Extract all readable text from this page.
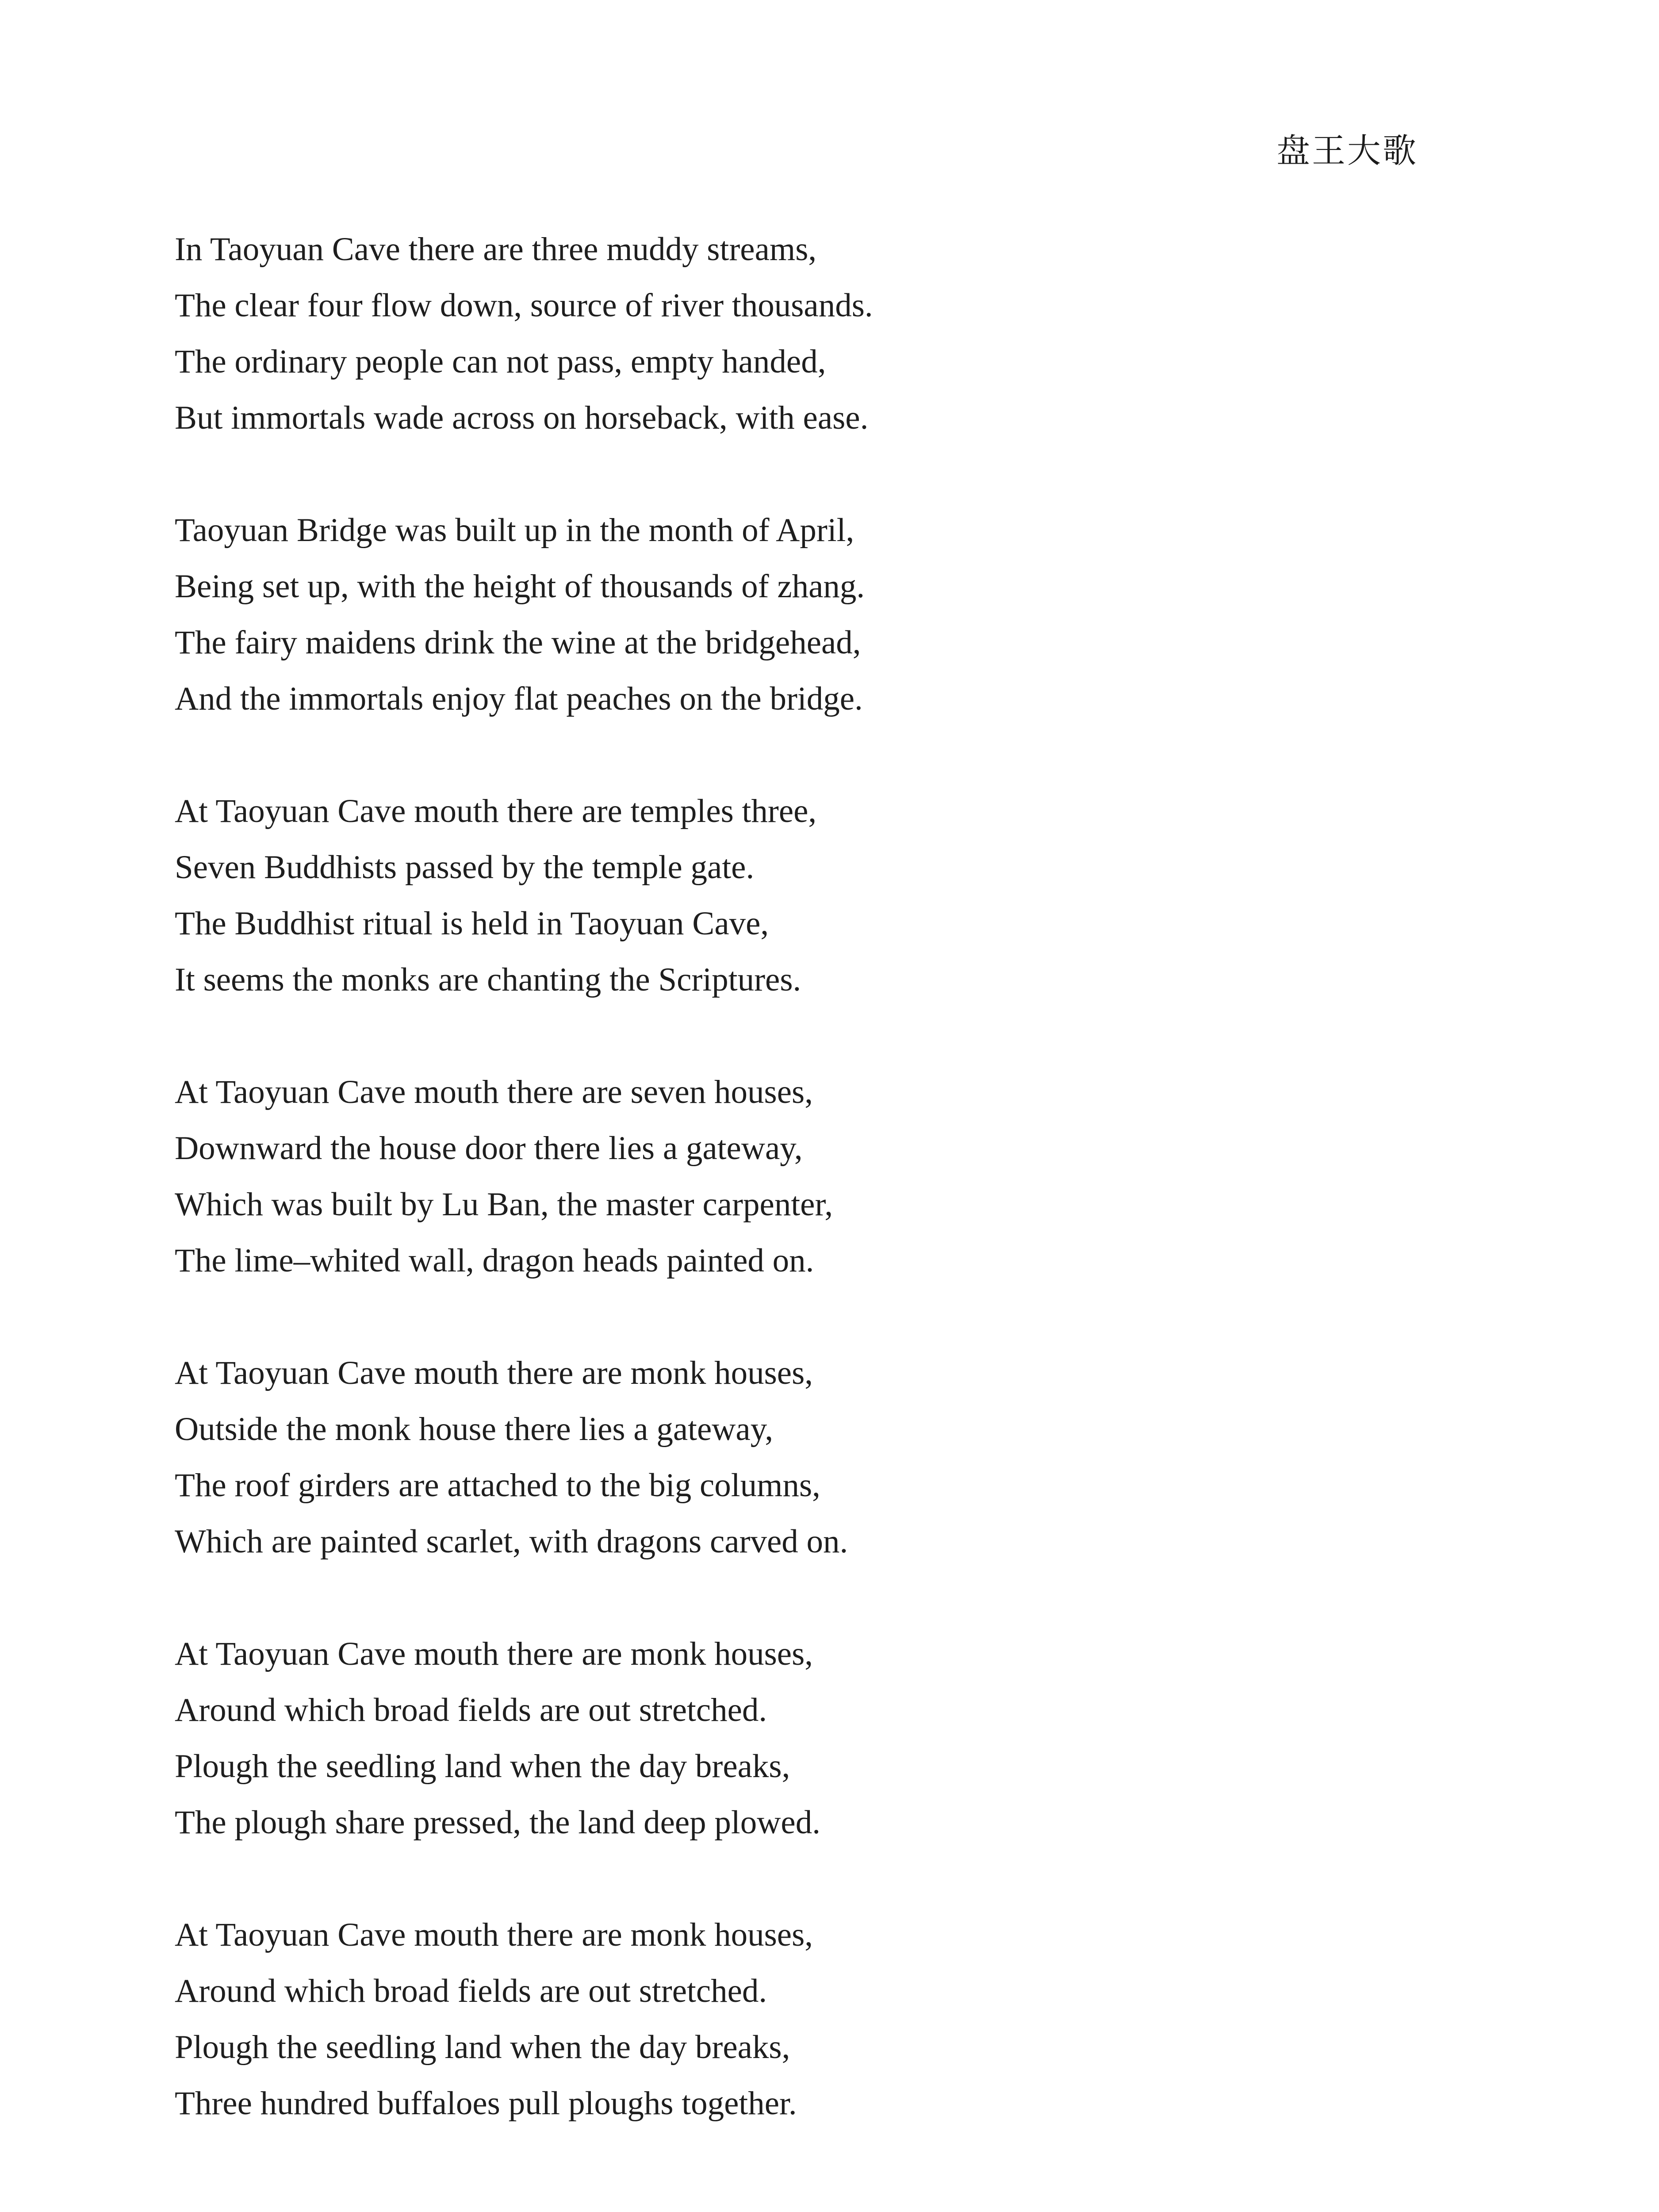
盘王大歌
In Taoyuan Cave there are three muddy streams,
The clear four flow down, source of river thousands.
The ordinary people can not pass, empty handed,
But immortals wade across on horseback, with ease.
Taoyuan Bridge was built up in the month of April,
Being set up, with the height of thousands of zhang.
The fairy maidens drink the wine at the bridgehead,
And the immortals enjoy flat peaches on the bridge.
At Taoyuan Cave mouth there are temples three,
Seven Buddhists passed by the temple gate.
The Buddhist ritual is held in Taoyuan Cave,
It seems the monks are chanting the Scriptures.
At Taoyuan Cave mouth there are seven houses,
Downward the house door there lies a gateway,
Which was built by Lu Ban, the master carpenter,
The lime–whited wall, dragon heads painted on.
At Taoyuan Cave mouth there are monk houses,
Outside the monk house there lies a gateway,
The roof girders are attached to the big columns,
Which are painted scarlet, with dragons carved on.
At Taoyuan Cave mouth there are monk houses,
Around which broad fields are out stretched.
Plough the seedling land when the day breaks,
The plough share pressed, the land deep plowed.
At Taoyuan Cave mouth there are monk houses,
Around which broad fields are out stretched.
Plough the seedling land when the day breaks,
Three hundred buffaloes pull ploughs together.
